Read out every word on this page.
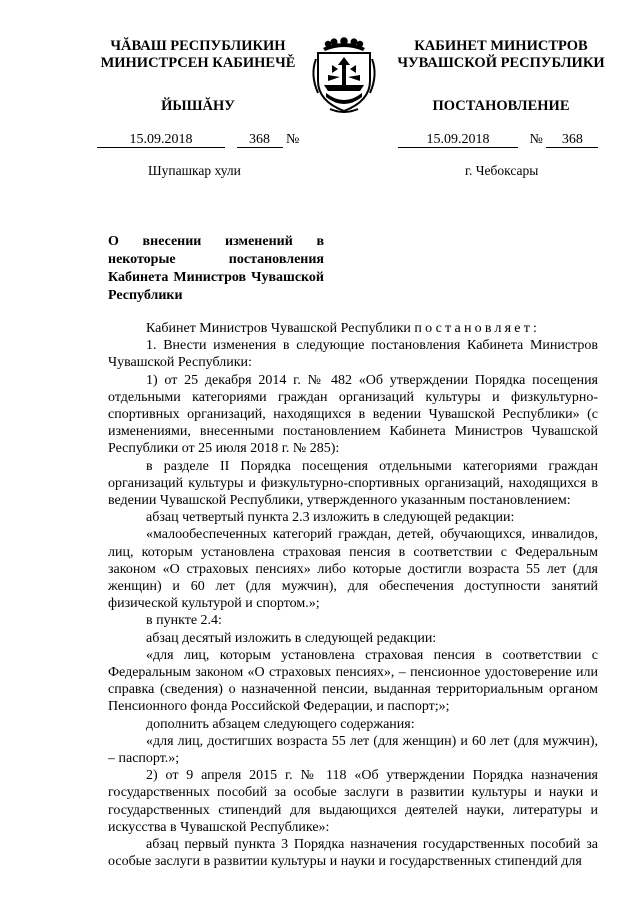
ЧĂВАШ РЕСПУБЛИКИН
МИНИСТРСЕН КАБИНЕЧĚ
ЙЫШĂНУ
КАБИНЕТ МИНИСТРОВ
ЧУВАШСКОЙ РЕСПУБЛИКИ
ПОСТАНОВЛЕНИЕ
15.09.2018	368 №	15.09.2018	№ 368
Шупашкар хули	г. Чебоксары
О внесении изменений в некоторые постановления Кабинета Министров Чувашской Республики

Кабинет Министров Чувашской Республики постановляет:

1. Внести изменения в следующие постановления Кабинета Министров Чувашской Республики:

1) от 25 декабря 2014 г. № 482 «Об утверждении Порядка посещения отдельными категориями граждан организаций культуры и физкультурно-спортивных организаций, находящихся в ведении Чувашской Республики» (с изменениями, внесенными постановлением Кабинета Министров Чувашской Республики от 25 июля 2018 г. № 285):

в разделе II Порядка посещения отдельными категориями граждан организаций культуры и физкультурно-спортивных организаций, находящихся в ведении Чувашской Республики, утвержденного указанным постановлением:

абзац четвертый пункта 2.3 изложить в следующей редакции:

«малообеспеченных категорий граждан, детей, обучающихся, инвалидов, лиц, которым установлена страховая пенсия в соответствии с Федеральным законом «О страховых пенсиях» либо которые достигли возраста 55 лет (для женщин) и 60 лет (для мужчин), для обеспечения доступности занятий физической культурой и спортом.»;

в пункте 2.4:

абзац десятый изложить в следующей редакции:

«для лиц, которым установлена страховая пенсия в соответствии с Федеральным законом «О страховых пенсиях», – пенсионное удостоверение или справка (сведения) о назначенной пенсии, выданная территориальным органом Пенсионного фонда Российской Федерации, и паспорт;»;

дополнить абзацем следующего содержания:

«для лиц, достигших возраста 55 лет (для женщин) и 60 лет (для мужчин), – паспорт.»;

2) от 9 апреля 2015 г. № 118 «Об утверждении Порядка назначения государственных пособий за особые заслуги в развитии культуры и науки и государственных стипендий для выдающихся деятелей науки, литературы и искусства в Чувашской Республике»:

абзац первый пункта 3 Порядка назначения государственных пособий за особые заслуги в развитии культуры и науки и государственных стипендий для
